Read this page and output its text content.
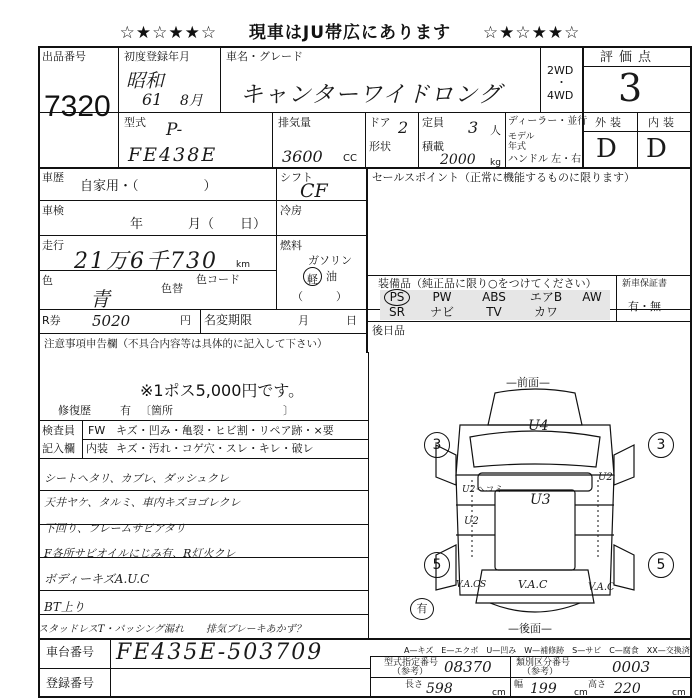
☆★☆★★☆ 現車はJU帯広にあります ☆★☆★★☆
出品番号
7320
初度登録年月
昭和
61 8月
車名・グレード
キャンターワイドロング
2WD
・
4WD
評価点
3
型式 P-
FE438E
排気量
3600 CC
ドア 2
形状
定員 3 人
積載
2000 kg
ディーラー・並行
モデル年式
ハンドル 左・右
外装 内装
D D
車歴
自家用・（　　　　　）
シフト
CF
車検
年	月（　　日）
冷房
走行
21万6千730 km
燃料
ガソリン
軽 油
（　　　）
色
青	色替
色コード
セールスポイント（正常に機能するものに限ります）
装備品（純正品に限り○をつけてください）	新車保証書
有・無
PS	PW	ABS	エアB	AW
SR	ナビ	TV	カワ
後日品
R券 5020	円 名変期限	月	日
注意事項申告欄（不具合内容等は具体的に記入して下さい）
※1ポス5,000円です。
修復歴	有 〔箇所　　　　　　　　　　〕
検査員
記入欄
FW キズ・凹み・亀裂・ヒビ割・リペア跡・×要
内装 キズ・汚れ・コゲ穴・スレ・キレ・破レ
シートヘタリ、カブレ、ダッシュクレ
天井ヤケ、タルミ、車内キズヨゴレクレ
下回り、フレームサビアタリ
F各所サビオイルにじみ有、R灯火クレ
ボディーキズA.U.C
BT上り
スタッドレスT・パッシング漏れ 排気ブレーキあかず？
—前面—
3	3
5	5
U4
U3
U2ヘコミ
U2
U2
V.A.C
V.A.CS	V.A.C
有
—後面—
A—キズ　E—エクボ　U—凹み　W—補修跡　S—サビ　C—腐食　XX—交換済
車台番号 FE435E-503709
登録番号
型式指定番号
（参考） 08370	類別区分番号
（参考）	0003
長さ 598	cm
幅 199 cm
高さ 220	cm
